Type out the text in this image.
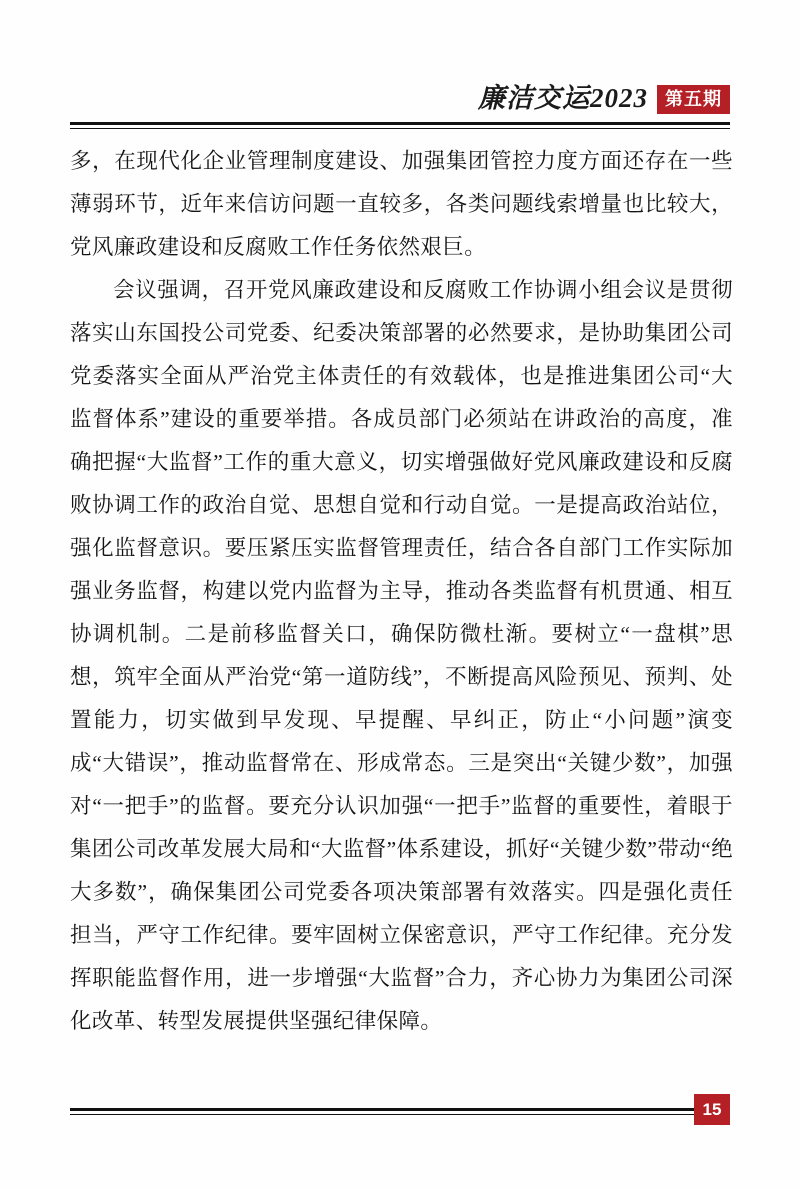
廉洁交运2023 第五期

多，在现代化企业管理制度建设、加强集团管控力度方面还存在一些薄弱环节，近年来信访问题一直较多，各类问题线索增量也比较大，党风廉政建设和反腐败工作任务依然艰巨。

会议强调，召开党风廉政建设和反腐败工作协调小组会议是贯彻落实山东国投公司党委、纪委决策部署的必然要求，是协助集团公司党委落实全面从严治党主体责任的有效载体，也是推进集团公司“大监督体系”建设的重要举措。各成员部门必须站在讲政治的高度，准确把握“大监督”工作的重大意义，切实增强做好党风廉政建设和反腐败协调工作的政治自觉、思想自觉和行动自觉。一是提高政治站位，强化监督意识。要压紧压实监督管理责任，结合各自部门工作实际加强业务监督，构建以党内监督为主导，推动各类监督有机贯通、相互协调机制。二是前移监督关口，确保防微杜渐。要树立“一盘棋”思想，筑牢全面从严治党“第一道防线”，不断提高风险预见、预判、处置能力，切实做到早发现、早提醒、早纠正，防止“小问题”演变成“大错误”，推动监督常在、形成常态。三是突出“关键少数”，加强对“一把手”的监督。要充分认识加强“一把手”监督的重要性，着眼于集团公司改革发展大局和“大监督”体系建设，抓好“关键少数”带动“绝大多数”，确保集团公司党委各项决策部署有效落实。四是强化责任担当，严守工作纪律。要牢固树立保密意识，严守工作纪律。充分发挥职能监督作用，进一步增强“大监督”合力，齐心协力为集团公司深化改革、转型发展提供坚强纪律保障。

15
